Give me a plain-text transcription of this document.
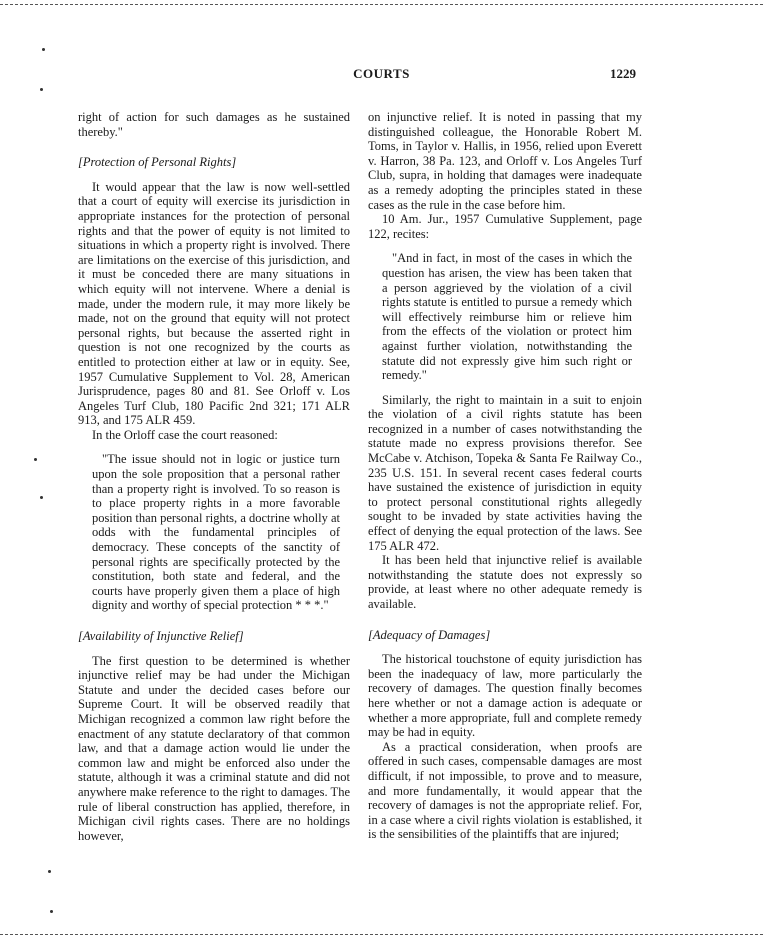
COURTS	1229

right of action for such damages as he sustained thereby."

[Protection of Personal Rights]

It would appear that the law is now well-settled that a court of equity will exercise its jurisdiction in appropriate instances for the protection of personal rights and that the power of equity is not limited to situations in which a property right is involved. There are limitations on the exercise of this jurisdiction, and it must be conceded there are many situations in which equity will not intervene. Where a denial is made, under the modern rule, it may more likely be made, not on the ground that equity will not protect personal rights, but because the asserted right in question is not one recognized by the courts as entitled to protection either at law or in equity. See, 1957 Cumulative Supplement to Vol. 28, American Jurisprudence, pages 80 and 81. See Orloff v. Los Angeles Turf Club, 180 Pacific 2nd 321; 171 ALR 913, and 175 ALR 459.

In the Orloff case the court reasoned:

"The issue should not in logic or justice turn upon the sole proposition that a personal rather than a property right is involved. To so reason is to place property rights in a more favorable position than personal rights, a doctrine wholly at odds with the fundamental principles of democracy. These concepts of the sanctity of personal rights are specifically protected by the constitution, both state and federal, and the courts have properly given them a place of high dignity and worthy of special protection * * *."

[Availability of Injunctive Relief]

The first question to be determined is whether injunctive relief may be had under the Michigan Statute and under the decided cases before our Supreme Court. It will be observed readily that Michigan recognized a common law right before the enactment of any statute declaratory of that common law, and that a damage action would lie under the common law and might be enforced also under the statute, although it was a criminal statute and did not anywhere make reference to the right to damages. The rule of liberal construction has applied, therefore, in Michigan civil rights cases. There are no holdings however,

on injunctive relief. It is noted in passing that my distinguished colleague, the Honorable Robert M. Toms, in Taylor v. Hallis, in 1956, relied upon Everett v. Harron, 38 Pa. 123, and Orloff v. Los Angeles Turf Club, supra, in holding that damages were inadequate as a remedy adopting the principles stated in these cases as the rule in the case before him.

10 Am. Jur., 1957 Cumulative Supplement, page 122, recites:

"And in fact, in most of the cases in which the question has arisen, the view has been taken that a person aggrieved by the violation of a civil rights statute is entitled to pursue a remedy which will effectively reimburse him or relieve him from the effects of the violation or protect him against further violation, notwithstanding the statute did not expressly give him such right or remedy."

Similarly, the right to maintain in a suit to enjoin the violation of a civil rights statute has been recognized in a number of cases notwithstanding the statute made no express provisions therefor. See McCabe v. Atchison, Topeka & Santa Fe Railway Co., 235 U.S. 151. In several recent cases federal courts have sustained the existence of jurisdiction in equity to protect personal constitutional rights allegedly sought to be invaded by state activities having the effect of denying the equal protection of the laws. See 175 ALR 472.

It has been held that injunctive relief is available notwithstanding the statute does not expressly so provide, at least where no other adequate remedy is available.

[Adequacy of Damages]

The historical touchstone of equity jurisdiction has been the inadequacy of law, more particularly the recovery of damages. The question finally becomes here whether or not a damage action is adequate or whether a more appropriate, full and complete remedy may be had in equity.

As a practical consideration, when proofs are offered in such cases, compensable damages are most difficult, if not impossible, to prove and to measure, and more fundamentally, it would appear that the recovery of damages is not the appropriate relief. For, in a case where a civil rights violation is established, it is the sensibilities of the plaintiffs that are injured;
